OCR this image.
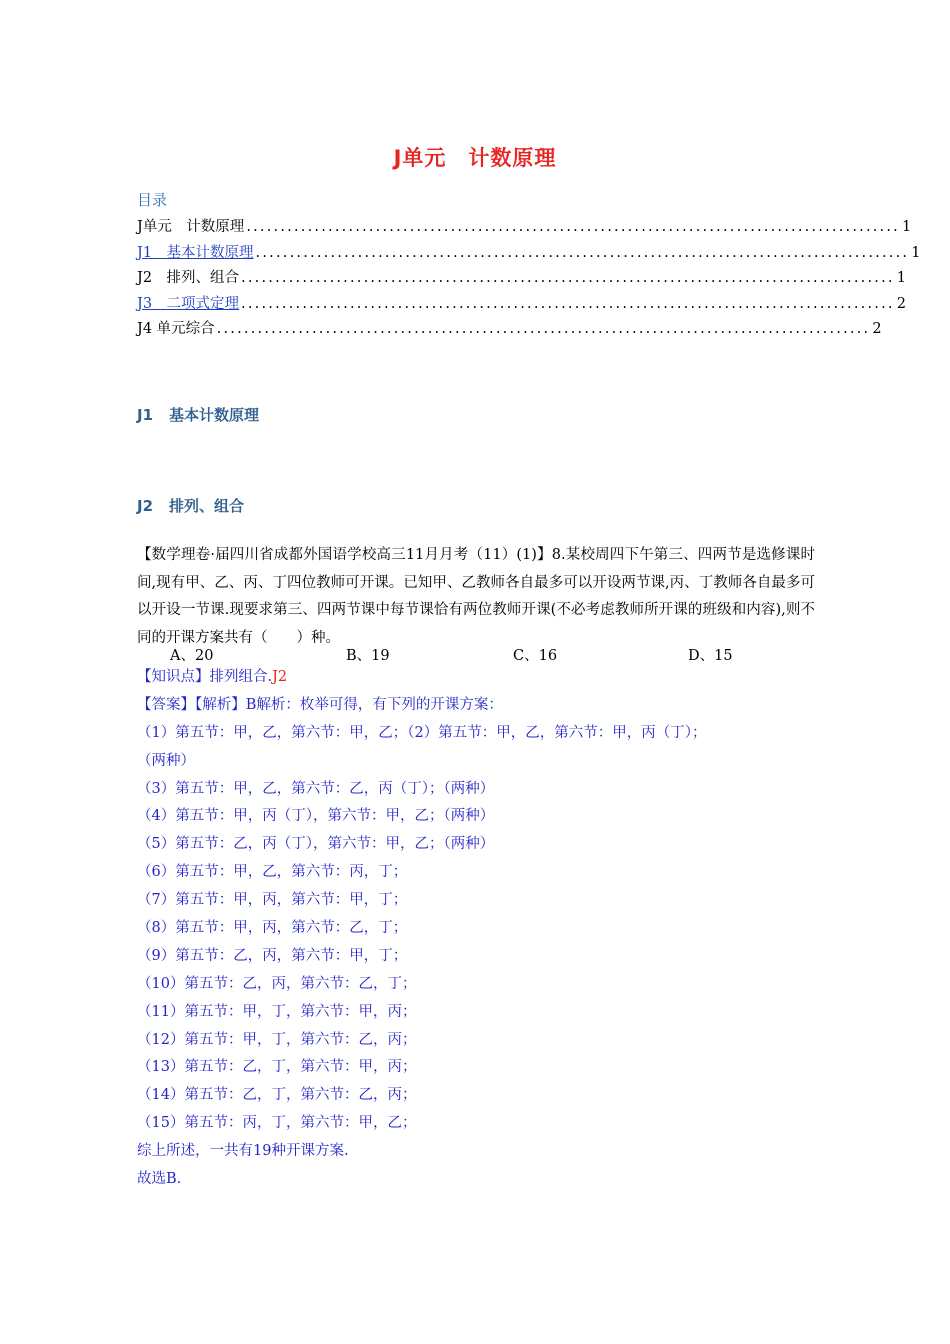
J单元　计数原理
目录
J单元　计数原理 ................................................................................................ 1
J1　基本计数原理 ................................................................................................ 1
J2　排列、组合 ................................................................................................ 1
J3　二项式定理 ................................................................................................ 2
J4 单元综合 ................................................................................................ 2
J1 基本计数原理
J2 排列、组合
【数学理卷·届四川省成都外国语学校高三11月月考（11）(1)】8.某校周四下午第三、四两节是选修课时间,现有甲、乙、丙、丁四位教师可开课。已知甲、乙教师各自最多可以开设两节课,丙、丁教师各自最多可以开设一节课.现要求第三、四两节课中每节课恰有两位教师开课(不必考虑教师所开课的班级和内容),则不同的开课方案共有（　　）种。
A、20	B、19	C、16	D、15
【知识点】排列组合.J2
【答案】【解析】B解析：枚举可得，有下列的开课方案：
（1）第五节：甲，乙，第六节：甲，乙；（2）第五节：甲，乙，第六节：甲，丙（丁）；
（两种）
（3）第五节：甲，乙，第六节：乙，丙（丁）；（两种）
（4）第五节：甲，丙（丁），第六节：甲，乙；（两种）
（5）第五节：乙，丙（丁），第六节：甲，乙；（两种）
（6）第五节：甲，乙，第六节：丙，丁；
（7）第五节：甲，丙，第六节：甲，丁；
（8）第五节：甲，丙，第六节：乙，丁；
（9）第五节：乙，丙，第六节：甲，丁；
（10）第五节：乙，丙，第六节：乙，丁；
（11）第五节：甲，丁，第六节：甲，丙；
（12）第五节：甲，丁，第六节：乙，丙；
（13）第五节：乙，丁，第六节：甲，丙；
（14）第五节：乙，丁，第六节：乙，丙；
（15）第五节：丙，丁，第六节：甲，乙；
综上所述，一共有19种开课方案.
故选B.
